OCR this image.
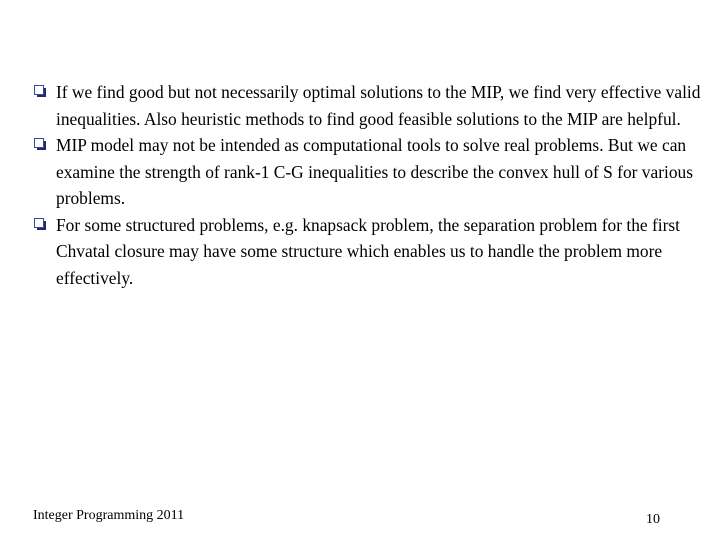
If we find good but not necessarily optimal solutions to the MIP, we find very effective valid inequalities. Also heuristic methods to find good feasible solutions to the MIP are helpful.
MIP model may not be intended as computational tools to solve real problems. But we can examine the strength of rank-1 C-G inequalities to describe the convex hull of S for various problems.
For some structured problems, e.g. knapsack problem, the separation problem for the first Chvatal closure may have some structure which enables us to handle the problem more effectively.
Integer Programming 2011	10
